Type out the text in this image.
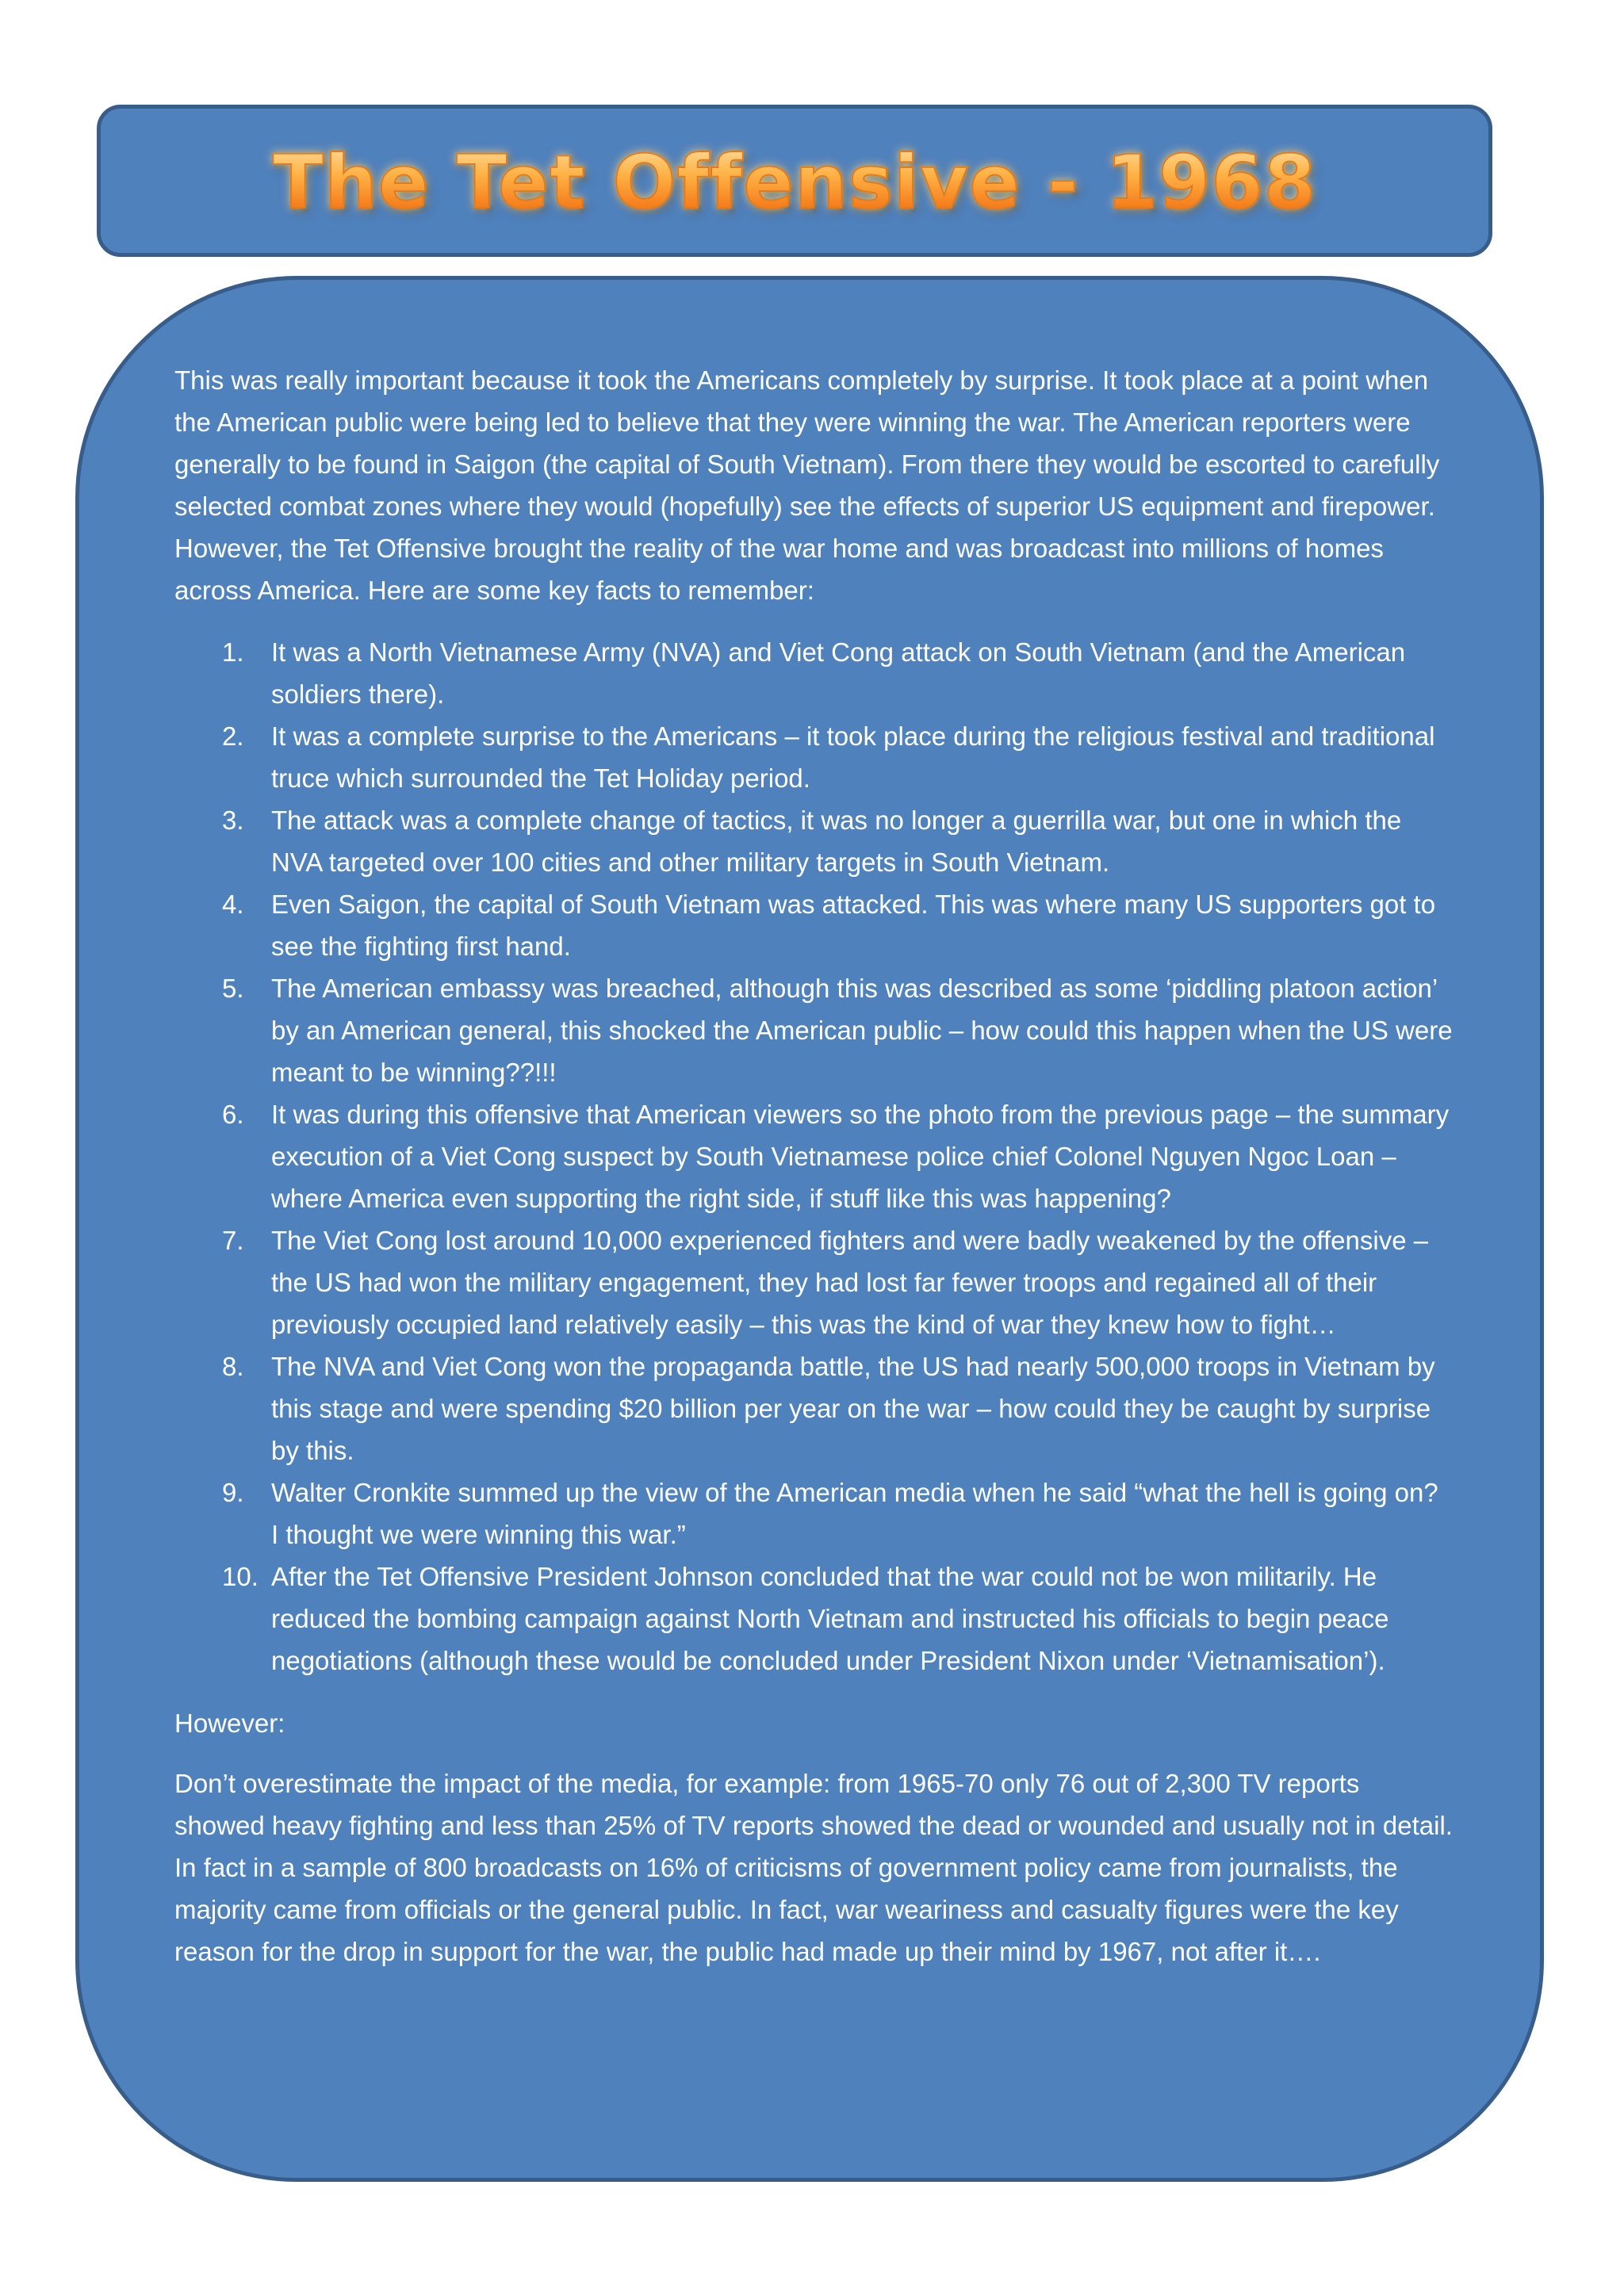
The Tet Offensive - 1968

This was really important because it took the Americans completely by surprise. It took place at a point when the American public were being led to believe that they were winning the war. The American reporters were generally to be found in Saigon (the capital of South Vietnam). From there they would be escorted to carefully selected combat zones where they would (hopefully) see the effects of superior US equipment and firepower. However, the Tet Offensive brought the reality of the war home and was broadcast into millions of homes across America. Here are some key facts to remember:

1.	It was a North Vietnamese Army (NVA) and Viet Cong attack on South Vietnam (and the American soldiers there).
2.	It was a complete surprise to the Americans – it took place during the religious festival and traditional truce which surrounded the Tet Holiday period.
3.	The attack was a complete change of tactics, it was no longer a guerrilla war, but one in which the NVA targeted over 100 cities and other military targets in South Vietnam.
4.	Even Saigon, the capital of South Vietnam was attacked. This was where many US supporters got to see the fighting first hand.
5.	The American embassy was breached, although this was described as some ‘piddling platoon action’ by an American general, this shocked the American public – how could this happen when the US were meant to be winning??!!!
6.	It was during this offensive that American viewers so the photo from the previous page – the summary execution of a Viet Cong suspect by South Vietnamese police chief Colonel Nguyen Ngoc Loan – where America even supporting the right side, if stuff like this was happening?
7.	The Viet Cong lost around 10,000 experienced fighters and were badly weakened by the offensive – the US had won the military engagement, they had lost far fewer troops and regained all of their previously occupied land relatively easily – this was the kind of war they knew how to fight…
8.	The NVA and Viet Cong won the propaganda battle, the US had nearly 500,000 troops in Vietnam by this stage and were spending $20 billion per year on the war – how could they be caught by surprise by this.
9.	Walter Cronkite summed up the view of the American media when he said “what the hell is going on? I thought we were winning this war.”
10. After the Tet Offensive President Johnson concluded that the war could not be won militarily. He reduced the bombing campaign against North Vietnam and instructed his officials to begin peace negotiations (although these would be concluded under President Nixon under ‘Vietnamisation’).

However:

Don’t overestimate the impact of the media, for example: from 1965-70 only 76 out of 2,300 TV reports showed heavy fighting and less than 25% of TV reports showed the dead or wounded and usually not in detail. In fact in a sample of 800 broadcasts on 16% of criticisms of government policy came from journalists, the majority came from officials or the general public. In fact, war weariness and casualty figures were the key reason for the drop in support for the war, the public had made up their mind by 1967, not after it….
